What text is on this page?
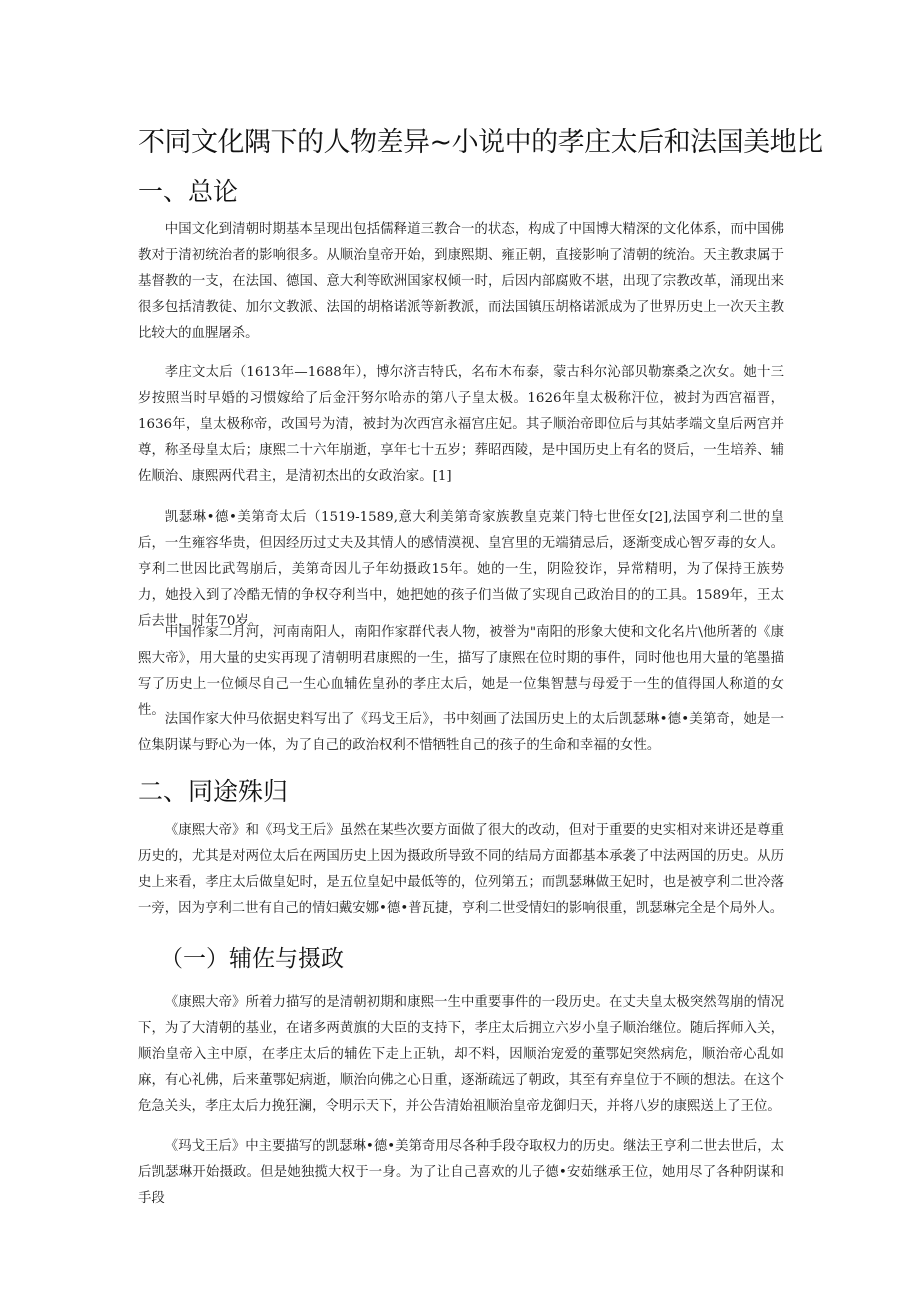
不同文化隅下的人物差异~小说中的孝庄太后和法国美地比
一、总论

中国文化到清朝时期基本呈现出包括儒释道三教合一的状态，构成了中国博大精深的文化体系，而中国佛教对于清初统治者的影响很多。从顺治皇帝开始，到康熙期、雍正朝，直接影响了清朝的统治。天主教隶属于基督教的一支，在法国、德国、意大利等欧洲国家权倾一时，后因内部腐败不堪，出现了宗教改革，涌现出来很多包括清教徒、加尔文教派、法国的胡格诺派等新教派，而法国镇压胡格诺派成为了世界历史上一次天主教比较大的血腥屠杀。

孝庄文太后（1613年—1688年），博尔济吉特氏，名布木布泰，蒙古科尔沁部贝勒寨桑之次女。她十三岁按照当时早婚的习惯嫁给了后金汗努尔哈赤的第八子皇太极。1626年皇太极称汗位，被封为西宫福晋，1636年，皇太极称帝，改国号为清，被封为次西宫永福宫庄妃。其子顺治帝即位后与其姑孝端文皇后两宫并尊，称圣母皇太后；康熙二十六年崩逝，享年七十五岁；葬昭西陵，是中国历史上有名的贤后，一生培养、辅佐顺治、康熙两代君主，是清初杰出的女政治家。[1]

凯瑟琳•德•美第奇太后（1519-1589,意大利美第奇家族教皇克莱门特七世侄女[2],法国亨利二世的皇后，一生雍容华贵，但因经历过丈夫及其情人的感情漠视、皇宫里的无端猜忌后，逐渐变成心智歹毒的女人。亨利二世因比武驾崩后，美第奇因儿子年幼摄政15年。她的一生，阴险狡诈，异常精明，为了保持王族势力，她投入到了冷酷无情的争权夺利当中，她把她的孩子们当做了实现自己政治目的的工具。1589年，王太后去世，时年70岁。

中国作家二月河，河南南阳人，南阳作家群代表人物，被誉为"南阳的形象大使和文化名片\他所著的《康熙大帝》，用大量的史实再现了清朝明君康熙的一生，描写了康熙在位时期的事件，同时他也用大量的笔墨描写了历史上一位倾尽自己一生心血辅佐皇孙的孝庄太后，她是一位集智慧与母爱于一生的值得国人称道的女性。

法国作家大仲马依据史料写出了《玛戈王后》，书中刻画了法国历史上的太后凯瑟琳•德•美第奇，她是一位集阴谋与野心为一体，为了自己的政治权利不惜牺牲自己的孩子的生命和幸福的女性。

二、同途殊归

《康熙大帝》和《玛戈王后》虽然在某些次要方面做了很大的改动，但对于重要的史实相对来讲还是尊重历史的，尤其是对两位太后在两国历史上因为摄政所导致不同的结局方面都基本承袭了中法两国的历史。从历史上来看，孝庄太后做皇妃时，是五位皇妃中最低等的，位列第五；而凯瑟琳做王妃时，也是被亨利二世冷落一旁，因为亨利二世有自己的情妇戴安娜•德•普瓦捷，亨利二世受情妇的影响很重，凯瑟琳完全是个局外人。

（一）辅佐与摄政

《康熙大帝》所着力描写的是清朝初期和康熙一生中重要事件的一段历史。在丈夫皇太极突然驾崩的情况下，为了大清朝的基业，在诸多两黄旗的大臣的支持下，孝庄太后拥立六岁小皇子顺治继位。随后挥师入关，顺治皇帝入主中原，在孝庄太后的辅佐下走上正轨，却不料，因顺治宠爱的董鄂妃突然病危，顺治帝心乱如麻，有心礼佛，后来董鄂妃病逝，顺治向佛之心日重，逐渐疏远了朝政，其至有弃皇位于不顾的想法。在这个危急关头，孝庄太后力挽狂澜，令明示天下，并公告清始祖顺治皇帝龙御归天，并将八岁的康熙送上了王位。

《玛戈王后》中主要描写的凯瑟琳•德•美第奇用尽各种手段夺取权力的历史。继法王亨利二世去世后，太后凯瑟琳开始摄政。但是她独揽大权于一身。为了让自己喜欢的儿子德•安茹继承王位，她用尽了各种阴谋和手段
